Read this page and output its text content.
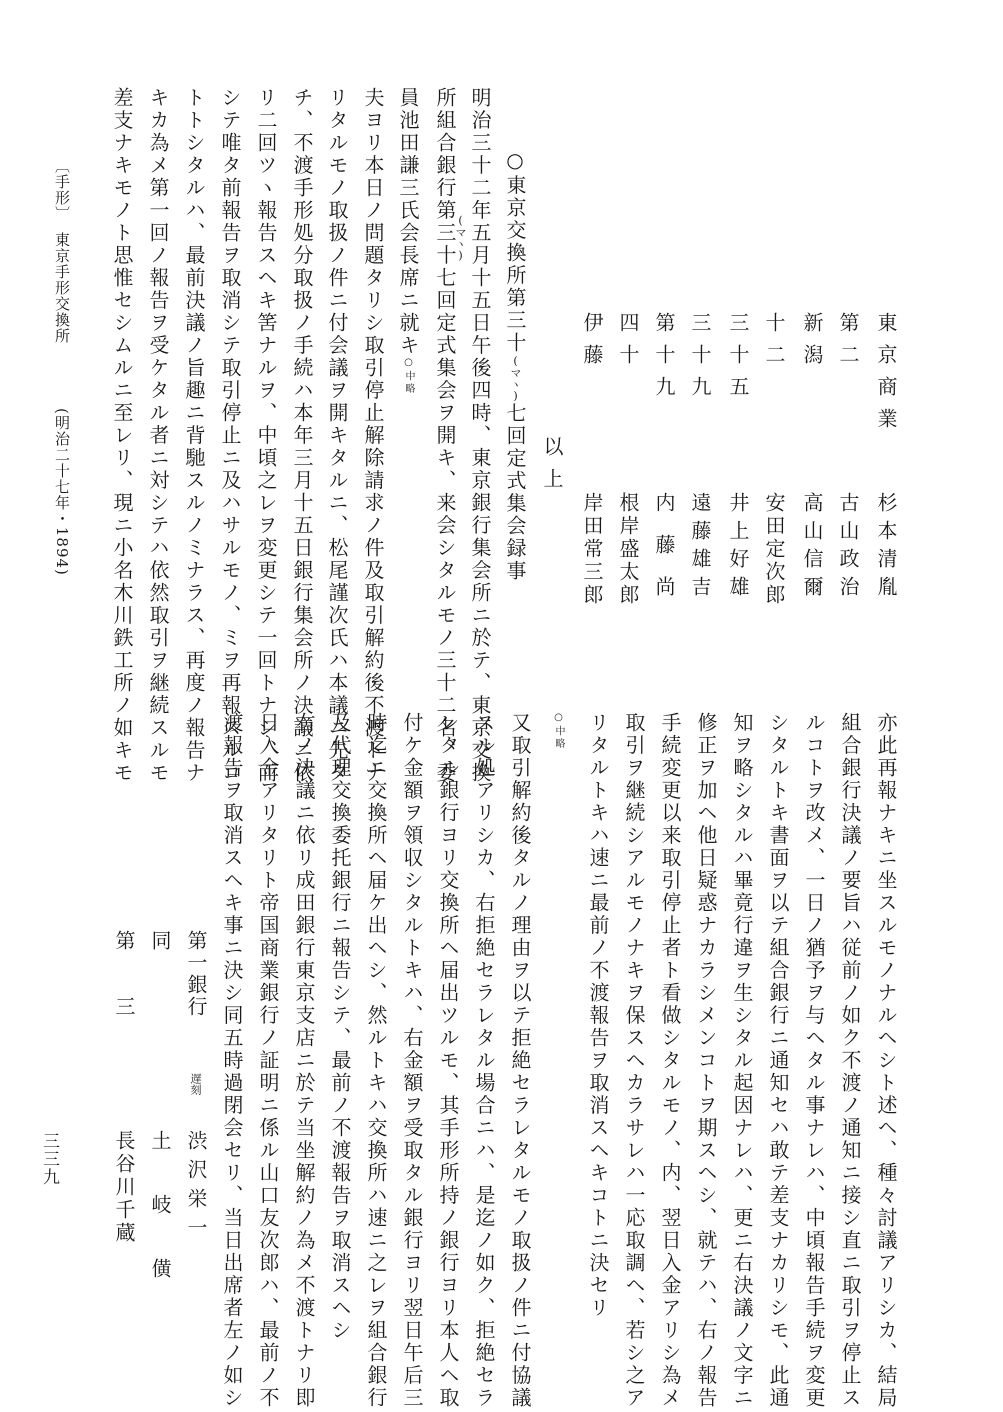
東京商業
杉本清胤
第二
古山政治
新潟
高山信爾
十二
安田定次郎
三十五
井上好雄
三十九
遠藤雄吉
第十九
内藤尚
四十
根岸盛太郎
伊藤
岸田常三郎
以上
○東京交換所第三十(マヽ)七回定式集会録事
明治三十二年五月十五日午後四時、東京銀行集会所ニ於テ、東京交換
所組合銀行第三十七回定式集会ヲ開キ、来会シタルモノ三十二名、委
(マヽ)
員池田謙三氏会長席ニ就キ○中略
夫ヨリ本日ノ問題タリシ取引停止解除請求ノ件及取引解約後不渡トナ
リタルモノ取扱ノ件ニ付会議ヲ開キタルニ、松尾謹次氏ハ本議ニ先タ
チ、不渡手形処分取扱ノ手続ハ本年三月十五日銀行集会所ノ決議ニ依
リ二回ツヽ報告スヘキ筈ナルヲ、中頃之レヲ変更シテ一回トナシ、而
シテ唯タ前報告ヲ取消シテ取引停止ニ及ハサルモノ、ミヲ再報スルコ
トトシタルハ、最前決議ノ旨趣ニ背馳スルノミナラス、再度ノ報告ナ
キカ為メ第一回ノ報告ヲ受ケタル者ニ対シテハ依然取引ヲ継続スルモ
差支ナキモノト思惟セシムルニ至レリ、現ニ小名木川鉄工所ノ如キモ
〔手形〕
東京手形交換所
(明治二十七年・1894)
亦此再報ナキニ坐スルモノナルヘシト述ヘ、種々討議アリシカ、結局
組合銀行決議ノ要旨ハ従前ノ如ク不渡ノ通知ニ接シ直ニ取引ヲ停止ス
ルコトヲ改メ、一日ノ猶予ヲ与ヘタル事ナレハ、中頃報告手続ヲ変更
シタルトキ書面ヲ以テ組合銀行ニ通知セハ敢テ差支ナカリシモ、此通
知ヲ略シタルハ畢竟行違ヲ生シタル起因ナレハ、更ニ右決議ノ文字ニ
修正ヲ加ヘ他日疑惑ナカラシメンコトヲ期スヘシ、就テハ、右ノ報告
手続変更以来取引停止者ト看做シタルモノ、内、翌日入金アリシ為メ
取引ヲ継続シアルモノナキヲ保スヘカラサレハ一応取調ヘ、若シ之ア
リタルトキハ速ニ最前ノ不渡報告ヲ取消スヘキコトニ決セリ
○中略
又取引解約後タルノ理由ヲ以テ拒絶セラレタルモノ取扱ノ件ニ付協議
スル処アリシカ、右拒絶セラレタル場合ニハ、是迄ノ如ク、拒絶セラ
レタル銀行ヨリ交換所ヘ届出ツルモ、其手形所持ノ銀行ヨリ本人ヘ取
付ケ金額ヲ領収シタルトキハ、右金額ヲ受取タル銀行ヨリ翌日午后三
時迄ニ交換所ヘ届ケ出ヘシ、然ルトキハ交換所ハ速ニ之レヲ組合銀行
及代理交換委托銀行ニ報告シテ、最前ノ不渡報告ヲ取消スヘシ
右ノ決議ニ依リ成田銀行東京支店ニ於テ当坐解約ノ為メ不渡トナリ即
日入金アリタリト帝国商業銀行ノ証明ニ係ル山口友次郎ハ、最前ノ不
渡報告ヲ取消スヘキ事ニ決シ同五時過閉会セリ、当日出席者左ノ如シ
第一銀行
遅刻
渋沢栄一
同
土岐僙
第三
長谷川千蔵
三三九
